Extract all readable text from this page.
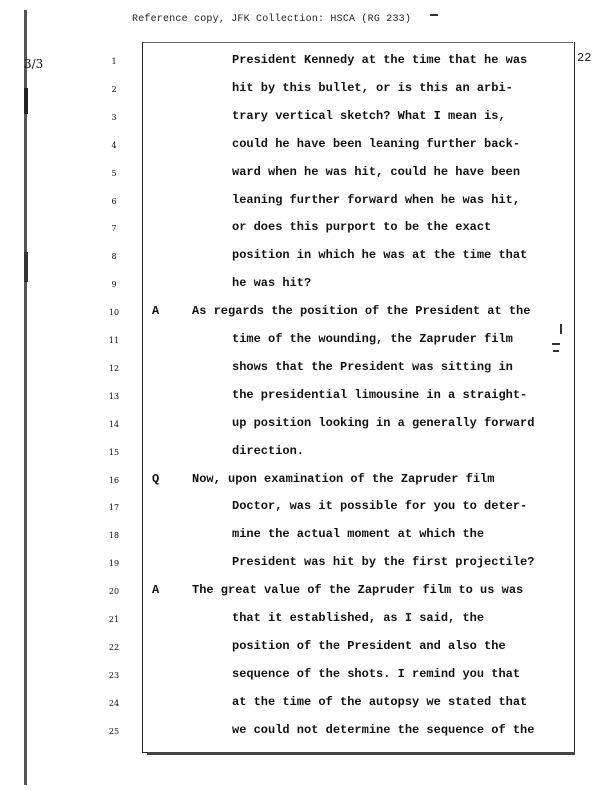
Reference copy, JFK Collection: HSCA (RG 233)
22
3/3	1	President Kennedy at the time that he was
2	hit by this bullet, or is this an arbi-
3	trary vertical sketch? What I mean is,
4	could he have been leaning further back-
5	ward when he was hit, could he have been
6	leaning further forward when he was hit,
7	or does this purport to be the exact
8	position in which he was at the time that
9	he was hit?
10	A	As regards the position of the President at the
11	time of the wounding, the Zapruder film
12	shows that the President was sitting in
13	the presidential limousine in a straight-
14	up position looking in a generally forward
15	direction.
16	Q	Now, upon examination of the Zapruder film
17	Doctor, was it possible for you to deter-
18	mine the actual moment at which the
19	President was hit by the first projectile?
20	A	The great value of the Zapruder film to us was
21	that it established, as I said, the
22	position of the President and also the
23	sequence of the shots. I remind you that
24	at the time of the autopsy we stated that
25	we could not determine the sequence of the
